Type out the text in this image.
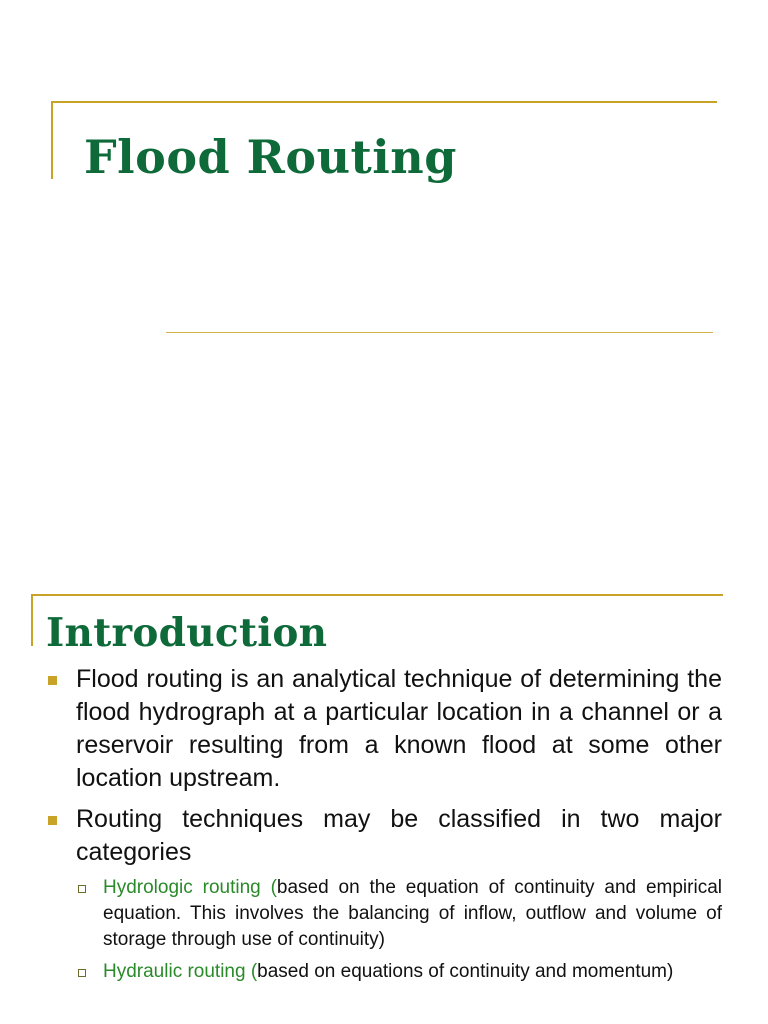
Flood Routing
Introduction

Flood routing is an analytical technique of determining the flood hydrograph at a particular location in a channel or a reservoir resulting from a known flood at some other location upstream.

Routing techniques may be classified in two major categories

Hydrologic routing (based on the equation of continuity and empirical equation. This involves the balancing of inflow, outflow and volume of storage through use of continuity)

Hydraulic routing (based on equations of continuity and momentum)
